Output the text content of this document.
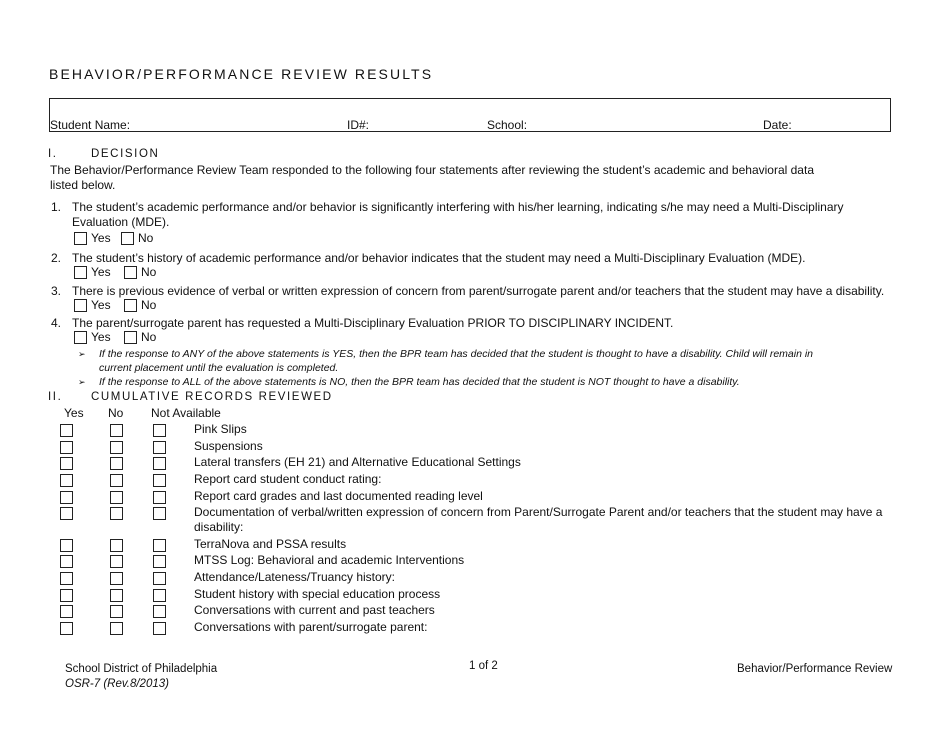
BEHAVIOR/PERFORMANCE REVIEW RESULTS
Student Name:	ID#:	School:	Date:
I.	DECISION
The Behavior/Performance Review Team responded to the following four statements after reviewing the student’s academic and behavioral data
listed below.
1. The student’s academic performance and/or behavior is significantly interfering with his/her learning, indicating s/he may need a Multi-Disciplinary
Evaluation (MDE).
Yes No
2. The student’s history of academic performance and/or behavior indicates that the student may need a Multi-Disciplinary Evaluation (MDE).
Yes	No
3. There is previous evidence of verbal or written expression of concern from parent/surrogate parent and/or teachers that the student may have a disability.
Yes	No
4. The parent/surrogate parent has requested a Multi-Disciplinary Evaluation PRIOR TO DISCIPLINARY INCIDENT.
Yes	No
➢ If the response to ANY of the above statements is YES, then the BPR team has decided that the student is thought to have a disability. Child will remain in
current placement until the evaluation is completed.
➢ If the response to ALL of the above statements is NO, then the BPR team has decided that the student is NOT thought to have a disability.
II. CUMULATIVE RECORDS REVIEWED
Yes No Not Available
Pink Slips
Suspensions
Lateral transfers (EH 21) and Alternative Educational Settings
Report card student conduct rating:
Report card grades and last documented reading level
Documentation of verbal/written expression of concern from Parent/Surrogate Parent and/or teachers that the student may have a
disability:
TerraNova and PSSA results
MTSS Log: Behavioral and academic Interventions
Attendance/Lateness/Truancy history:
Student history with special education process
Conversations with current and past teachers
Conversations with parent/surrogate parent:
School District of Philadelphia
OSR-7 (Rev.8/2013)
1 of 2	Behavior/Performance Review
